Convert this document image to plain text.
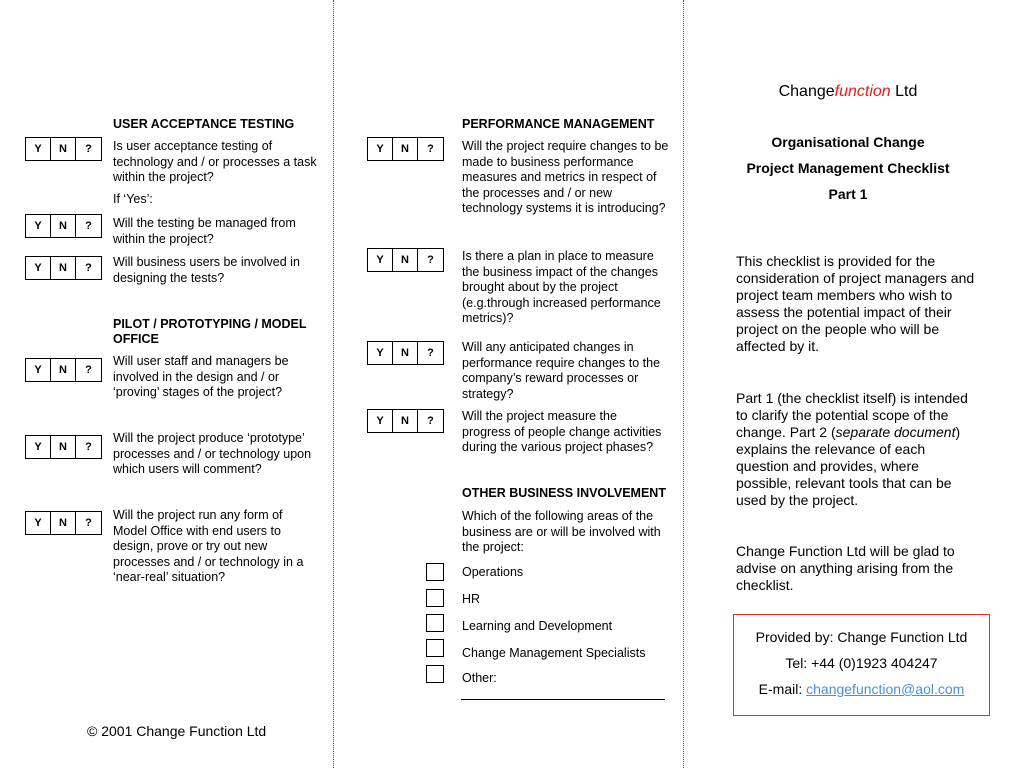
USER ACCEPTANCE TESTING
Y	N	?	Is user acceptance testing of technology and / or processes a task within the project?
If ‘Yes’:
Y	N	?	Will the testing be managed from within the project?
Y	N	?	Will business users be involved in designing the tests?
PILOT / PROTOTYPING / MODEL OFFICE
Y	N	?
Will user staff and managers be involved in the design and / or ‘proving’ stages of the project?
Y	N	?
Will the project produce ‘prototype’ processes and / or technology upon which users will comment?
Y	N	?
Will the project run any form of Model Office with end users to design, prove or try out new processes and / or technology in a ‘near-real’ situation?
© 2001 Change Function Ltd
PERFORMANCE MANAGEMENT
Y	N	?	Will the project require changes to be made to business performance measures and metrics in respect of the processes and / or new technology systems it is introducing?
Y	N	?	Is there a plan in place to measure the business impact of the changes brought about by the project (e.g.through increased performance metrics)?
Y	N	?	Will any anticipated changes in performance require changes to the company’s reward processes or strategy?
Y	N	?	Will the project measure the progress of people change activities during the various project phases?
OTHER BUSINESS INVOLVEMENT
Which of the following areas of the business are or will be involved with the project:
Operations
HR
Learning and Development
Change Management Specialists
Other:
Changefunction Ltd
Organisational Change
Project Management Checklist
Part 1
This checklist is provided for the consideration of project managers and project team members who wish to assess the potential impact of their project on the people who will be affected by it.
Part 1 (the checklist itself) is intended to clarify the potential scope of the change. Part 2 (separate document) explains the relevance of each question and provides, where possible, relevant tools that can be used by the project.
Change Function Ltd will be glad to advise on anything arising from the checklist.
Provided by: Change Function Ltd
Tel: +44 (0)1923 404247
E-mail: changefunction@aol.com
